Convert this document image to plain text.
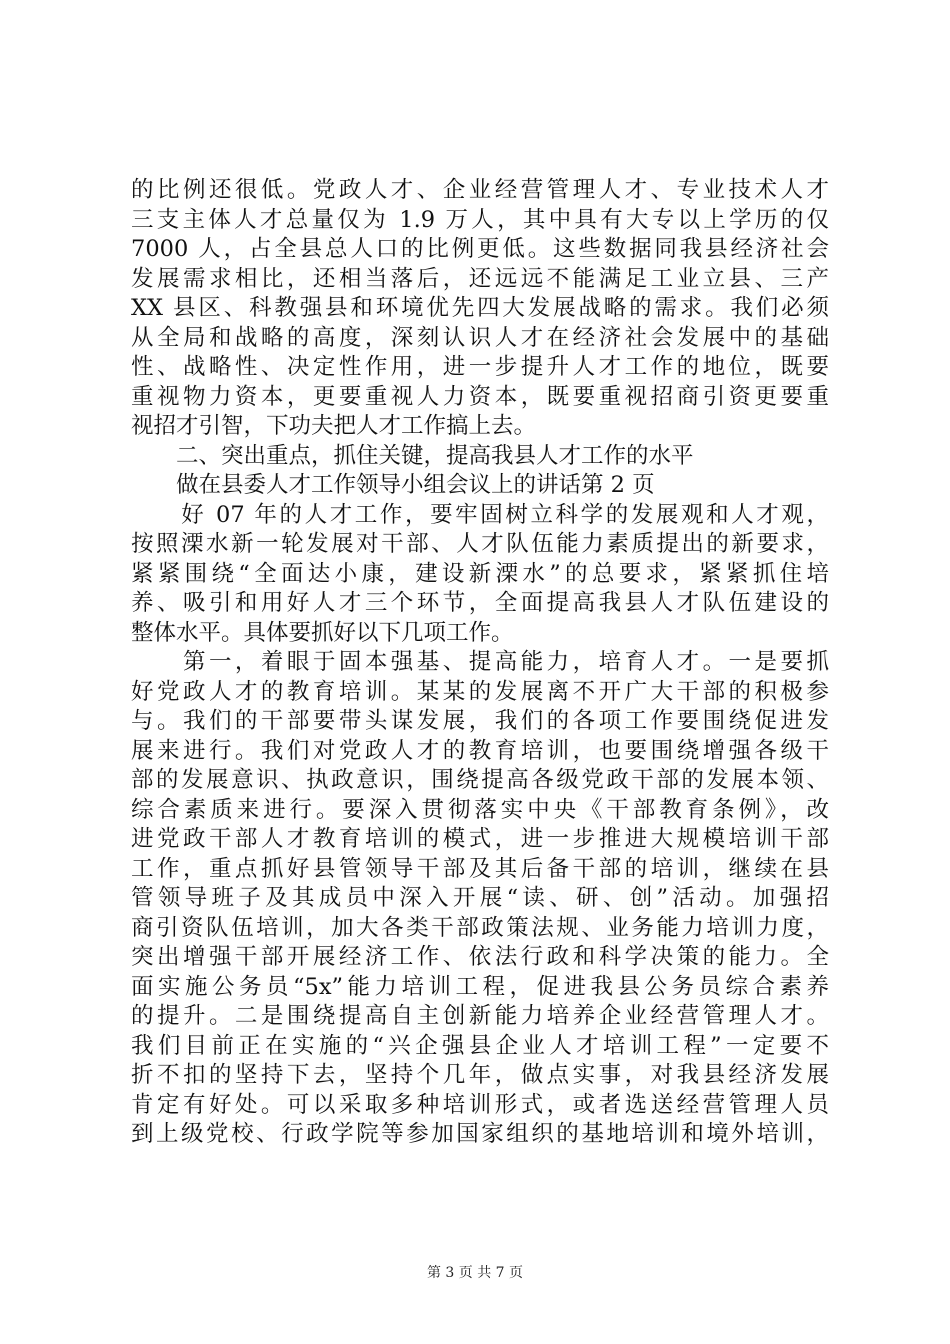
的比例还很低。党政人才、企业经营管理人才、专业技术人才
三支主体人才总量仅为 1.9 万人，其中具有大专以上学历的仅
7000 人，占全县总人口的比例更低。这些数据同我县经济社会
发展需求相比，还相当落后，还远远不能满足工业立县、三产
XX 县区、科教强县和环境优先四大发展战略的需求。我们必须
从全局和战略的高度，深刻认识人才在经济社会发展中的基础
性、战略性、决定性作用，进一步提升人才工作的地位，既要
重视物力资本，更要重视人力资本，既要重视招商引资更要重
视招才引智，下功夫把人才工作搞上去。
　　二、突出重点，抓住关键，提高我县人才工作的水平
　　做在县委人才工作领导小组会议上的讲话第 2 页
　　好 07 年的人才工作，要牢固树立科学的发展观和人才观，
按照溧水新一轮发展对干部、人才队伍能力素质提出的新要求，
紧紧围绕“全面达小康，建设新溧水”的总要求，紧紧抓住培
养、吸引和用好人才三个环节，全面提高我县人才队伍建设的
整体水平。具体要抓好以下几项工作。
　　第一，着眼于固本强基、提高能力，培育人才。一是要抓
好党政人才的教育培训。某某的发展离不开广大干部的积极参
与。我们的干部要带头谋发展，我们的各项工作要围绕促进发
展来进行。我们对党政人才的教育培训，也要围绕增强各级干
部的发展意识、执政意识，围绕提高各级党政干部的发展本领、
综合素质来进行。要深入贯彻落实中央《干部教育条例》，改
进党政干部人才教育培训的模式，进一步推进大规模培训干部
工作，重点抓好县管领导干部及其后备干部的培训，继续在县
管领导班子及其成员中深入开展“读、研、创”活动。加强招
商引资队伍培训，加大各类干部政策法规、业务能力培训力度，
突出增强干部开展经济工作、依法行政和科学决策的能力。全
面实施公务员“5x”能力培训工程，促进我县公务员综合素养
的提升。二是围绕提高自主创新能力培养企业经营管理人才。
我们目前正在实施的“兴企强县企业人才培训工程”一定要不
折不扣的坚持下去，坚持个几年，做点实事，对我县经济发展
肯定有好处。可以采取多种培训形式，或者选送经营管理人员
到上级党校、行政学院等参加国家组织的基地培训和境外培训，
第 3 页 共 7 页
